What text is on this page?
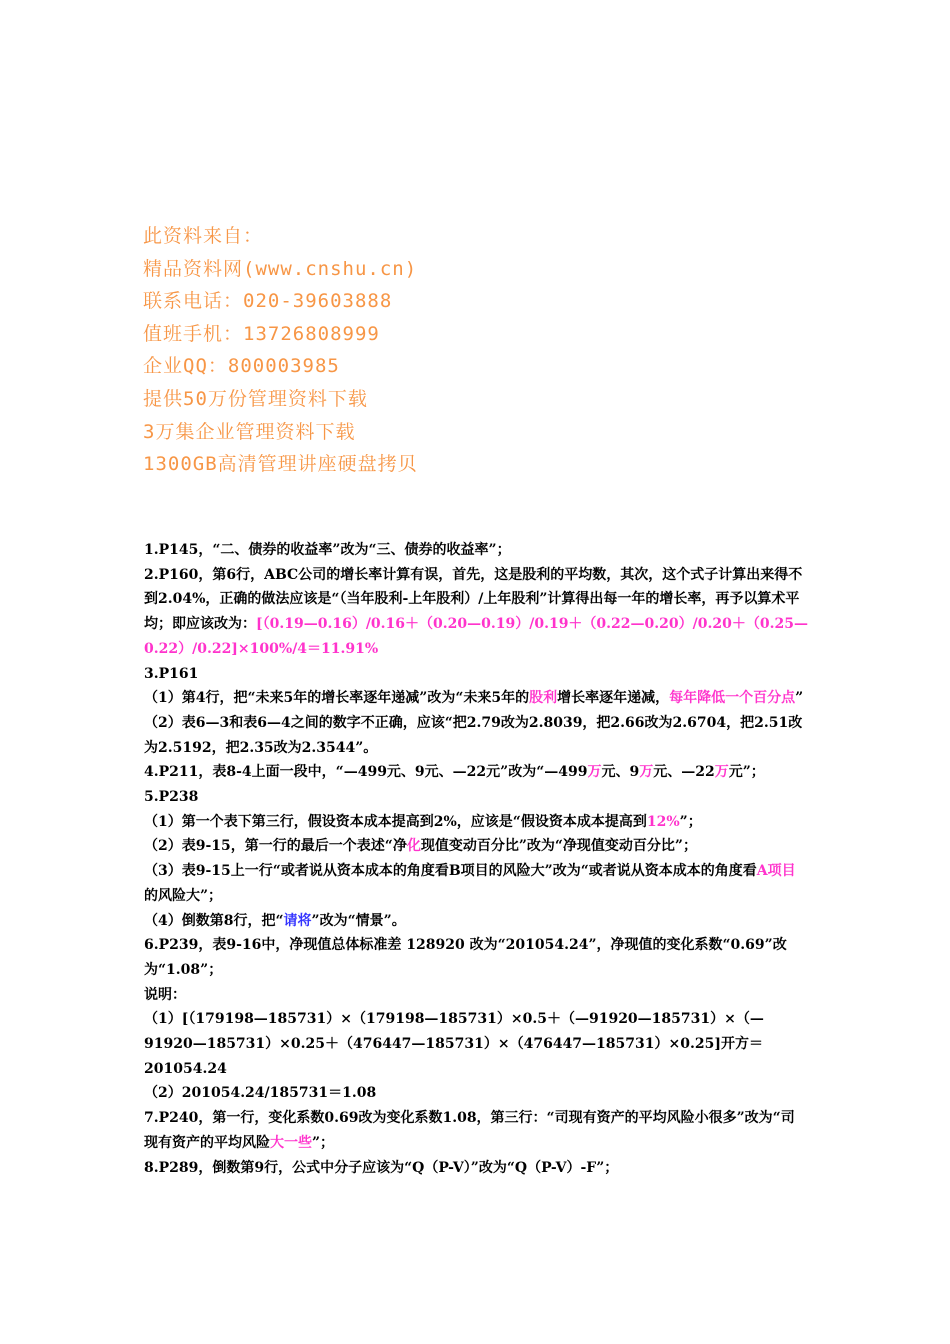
此资料来自：
精品资料网(www.cnshu.cn)
联系电话：020-39603888
值班手机：13726808999
企业QQ：800003985
提供50万份管理资料下载
3万集企业管理资料下载
1300GB高清管理讲座硬盘拷贝

1.P145，“二、债券的收益率”改为“三、债券的收益率”；

2.P160，第6行，ABC公司的增长率计算有误，首先，这是股利的平均数，其次，这个式子计算出来得不到2.04%，正确的做法应该是“（当年股利-上年股利）/上年股利”计算得出每一年的增长率，再予以算术平均；即应该改为：[（0.19—0.16）/0.16＋（0.20—0.19）/0.19＋（0.22—0.20）/0.20＋（0.25—0.22）/0.22]×100%/4＝11.91%

3.P161

（1）第4行，把“未来5年的增长率逐年递减”改为“未来5年的股利增长率逐年递减，每年降低一个百分点”

（2）表6—3和表6—4之间的数字不正确，应该“把2.79改为2.8039，把2.66改为2.6704，把2.51改为2.5192，把2.35改为2.3544”。

4.P211，表8-4上面一段中，“—499元、9元、—22元”改为“—499万元、9万元、—22万元”；

5.P238

（1）第一个表下第三行，假设资本成本提高到2%，应该是“假设资本成本提高到12%”；

（2）表9-15，第一行的最后一个表述“净化现值变动百分比”改为“净现值变动百分比”；

（3）表9-15上一行“或者说从资本成本的角度看B项目的风险大”改为“或者说从资本成本的角度看A项目的风险大”；

（4）倒数第8行，把“请将”改为“情景”。

6.P239，表9-16中，净现值总体标准差 128920 改为“201054.24”，净现值的变化系数“0.69”改为“1.08”；

说明：

（1）[（179198—185731）×（179198—185731）×0.5＋（—91920—185731）×（—91920—185731）×0.25＋（476447—185731）×（476447—185731）×0.25]开方＝201054.24

（2）201054.24/185731＝1.08

7.P240，第一行，变化系数0.69改为变化系数1.08，第三行：“司现有资产的平均风险小很多”改为“司现有资产的平均风险大一些”；

8.P289，倒数第9行，公式中分子应该为“Q（P-V）”改为“Q（P-V）-F”；
